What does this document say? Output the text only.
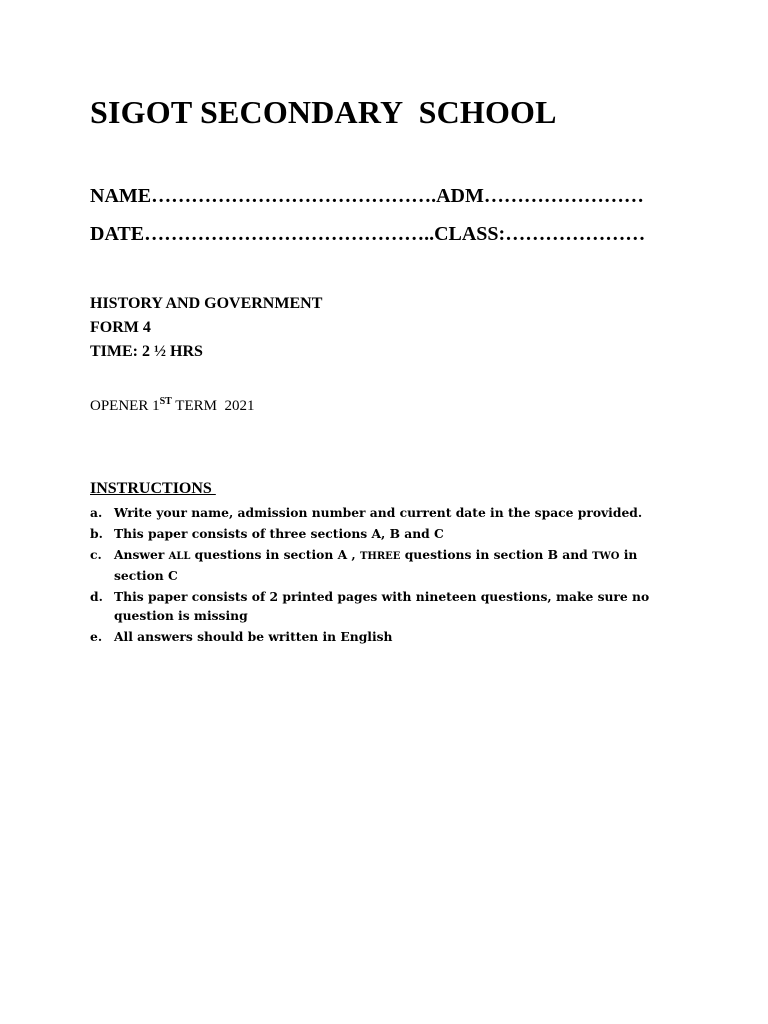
SIGOT SECONDARY  SCHOOL
NAME…………………………………….ADM……………………
DATE……………………………………..CLASS:…………………
HISTORY AND GOVERNMENT
FORM 4
TIME: 2 ½ HRS
OPENER 1ST TERM  2021
INSTRUCTIONS
a. Write your name, admission number and current date in the space provided.
b. This paper consists of three sections A, B and C
c. Answer ALL questions in section A , THREE questions in section B and TWO in section C
d. This paper consists of 2 printed pages with nineteen questions, make sure no question is missing
e. All answers should be written in English
